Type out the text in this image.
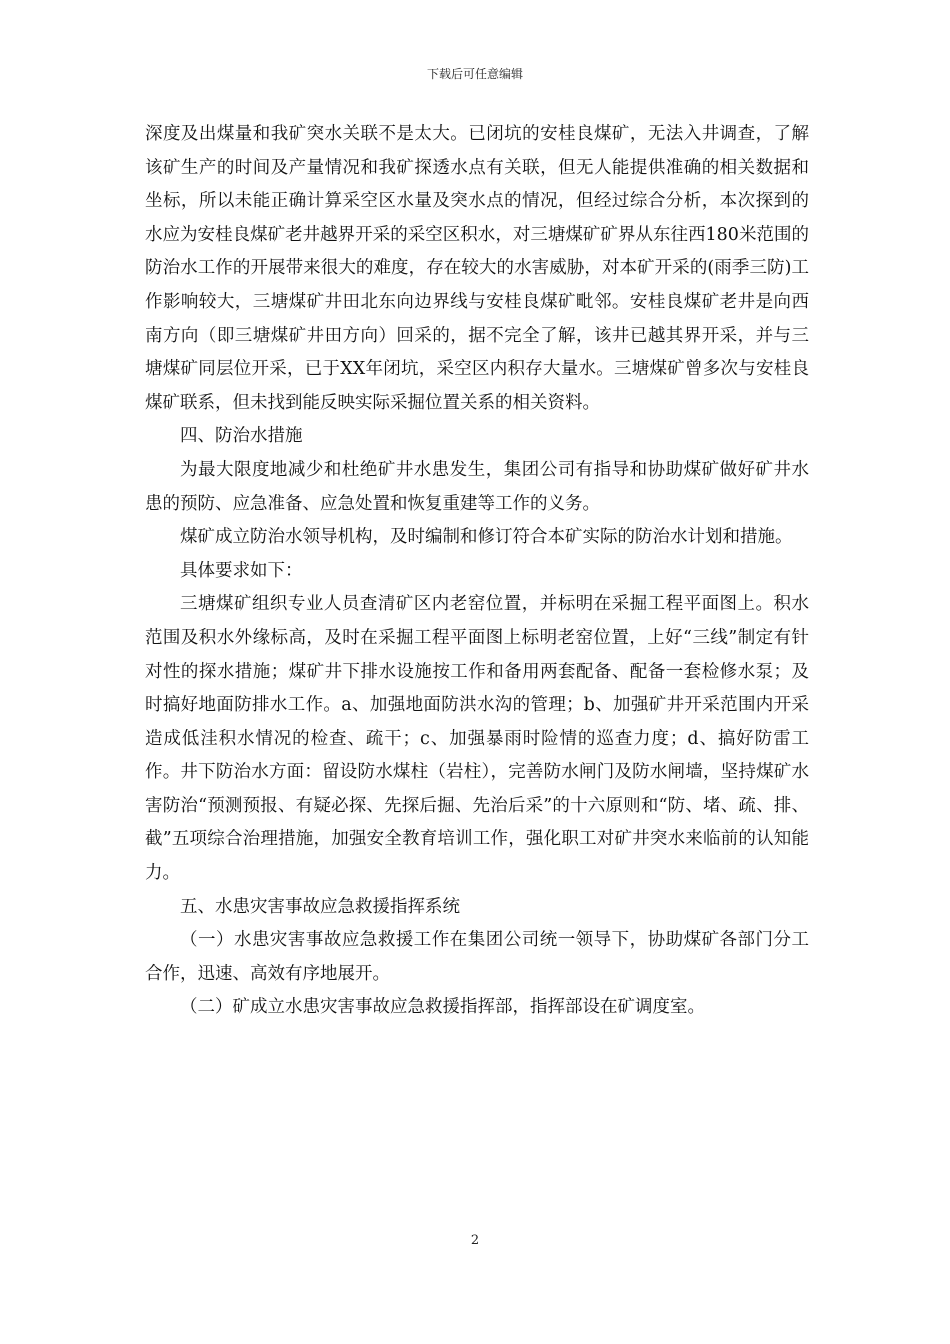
下载后可任意编辑

深度及出煤量和我矿突水关联不是太大。已闭坑的安桂良煤矿，无法入井调查，了解该矿生产的时间及产量情况和我矿探透水点有关联，但无人能提供准确的相关数据和坐标，所以未能正确计算采空区水量及突水点的情况，但经过综合分析，本次探到的水应为安桂良煤矿老井越界开采的采空区积水，对三塘煤矿矿界从东往西180米范围的防治水工作的开展带来很大的难度，存在较大的水害威胁，对本矿开采的(雨季三防)工作影响较大，三塘煤矿井田北东向边界线与安桂良煤矿毗邻。安桂良煤矿老井是向西南方向（即三塘煤矿井田方向）回采的，据不完全了解，该井已越其界开采，并与三塘煤矿同层位开采，已于XX年闭坑，采空区内积存大量水。三塘煤矿曾多次与安桂良煤矿联系，但未找到能反映实际采掘位置关系的相关资料。

四、防治水措施

为最大限度地减少和杜绝矿井水患发生，集团公司有指导和协助煤矿做好矿井水患的预防、应急准备、应急处置和恢复重建等工作的义务。

煤矿成立防治水领导机构，及时编制和修订符合本矿实际的防治水计划和措施。

具体要求如下：

三塘煤矿组织专业人员查清矿区内老窑位置，并标明在采掘工程平面图上。积水范围及积水外缘标高，及时在采掘工程平面图上标明老窑位置，上好“三线”制定有针对性的探水措施；煤矿井下排水设施按工作和备用两套配备、配备一套检修水泵；及时搞好地面防排水工作。a、加强地面防洪水沟的管理；b、加强矿井开采范围内开采造成低洼积水情况的检查、疏干；c、加强暴雨时险情的巡查力度；d、搞好防雷工作。井下防治水方面：留设防水煤柱（岩柱），完善防水闸门及防水闸墙，坚持煤矿水害防治“预测预报、有疑必探、先探后掘、先治后采”的十六原则和“防、堵、疏、排、截”五项综合治理措施，加强安全教育培训工作，强化职工对矿井突水来临前的认知能力。

五、水患灾害事故应急救援指挥系统

（一）水患灾害事故应急救援工作在集团公司统一领导下，协助煤矿各部门分工合作，迅速、高效有序地展开。

（二）矿成立水患灾害事故应急救援指挥部，指挥部设在矿调度室。

2
